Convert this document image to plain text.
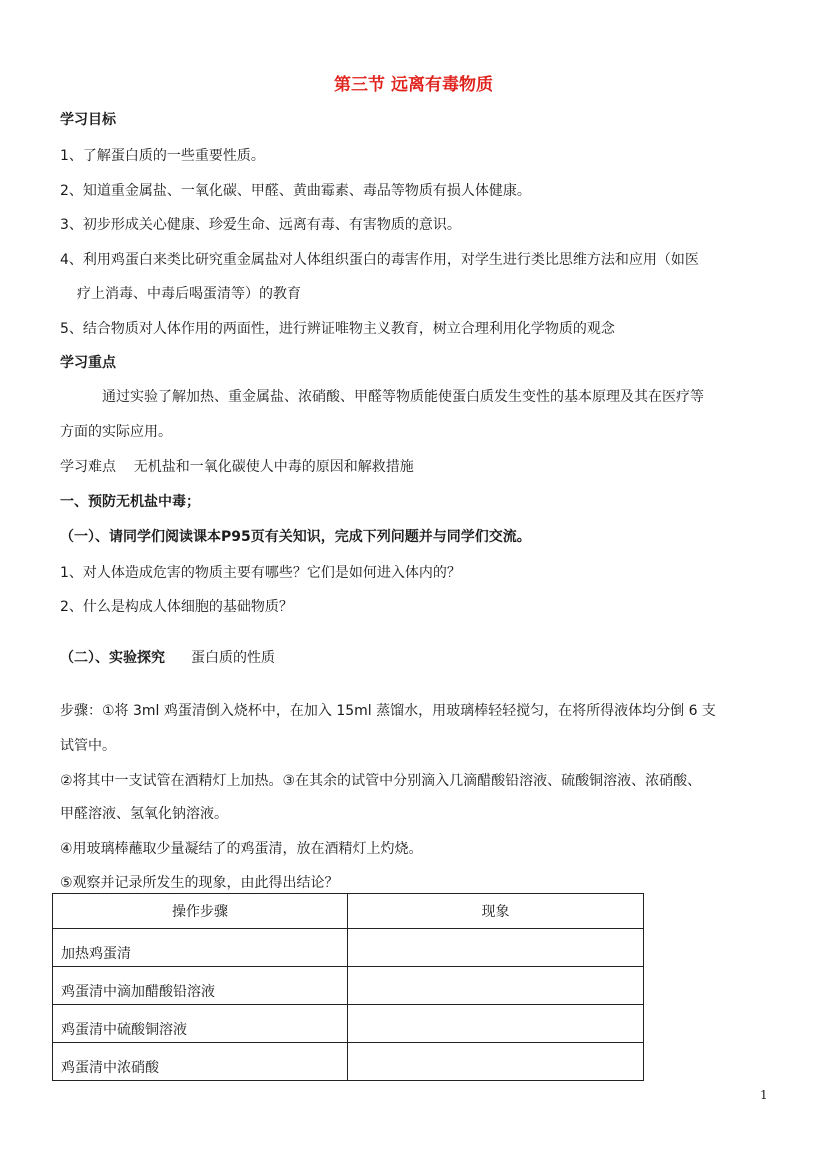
第三节 远离有毒物质
学习目标
1、了解蛋白质的一些重要性质。
2、知道重金属盐、一氧化碳、甲醛、黄曲霉素、毒品等物质有损人体健康。
3、初步形成关心健康、珍爱生命、远离有毒、有害物质的意识。
4、利用鸡蛋白来类比研究重金属盐对人体组织蛋白的毒害作用，对学生进行类比思维方法和应用（如医
疗上消毒、中毒后喝蛋清等）的教育
5、结合物质对人体作用的两面性，进行辨证唯物主义教育，树立合理利用化学物质的观念
学习重点
通过实验了解加热、重金属盐、浓硝酸、甲醛等物质能使蛋白质发生变性的基本原理及其在医疗等
方面的实际应用。
学习难点    无机盐和一氧化碳使人中毒的原因和解救措施
一、预防无机盐中毒；
（一）、请同学们阅读课本P95页有关知识，完成下列问题并与同学们交流。
1、对人体造成危害的物质主要有哪些？它们是如何进入体内的？
2、什么是构成人体细胞的基础物质？
（二）、实验探究 蛋白质的性质
步骤：①将 3ml 鸡蛋清倒入烧杯中，在加入 15ml 蒸馏水，用玻璃棒轻轻搅匀，在将所得液体均分倒 6 支
试管中。
②将其中一支试管在酒精灯上加热。③在其余的试管中分别滴入几滴醋酸铅溶液、硫酸铜溶液、浓硝酸、
甲醛溶液、氢氧化钠溶液。
④用玻璃棒蘸取少量凝结了的鸡蛋清，放在酒精灯上灼烧。
⑤观察并记录所发生的现象，由此得出结论？
操作步骤	现象
加热鸡蛋清	
鸡蛋清中滴加醋酸铅溶液	
鸡蛋清中硫酸铜溶液	
鸡蛋清中浓硝酸	
1
